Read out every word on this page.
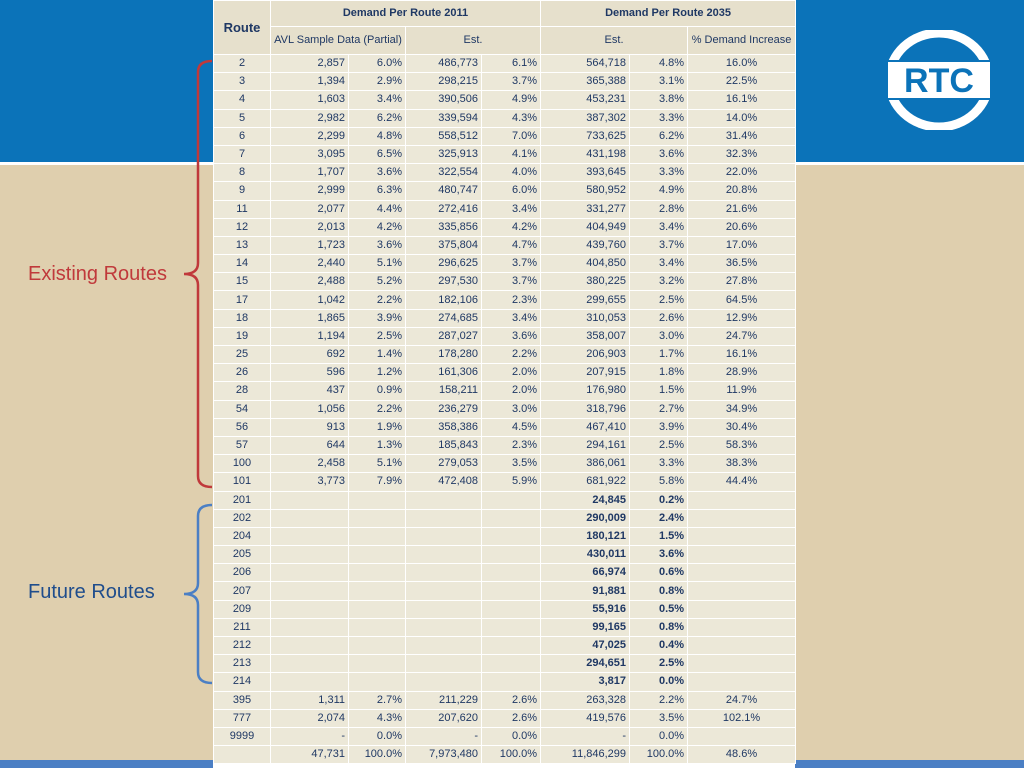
RTC
Existing Routes
Future Routes
Route	Demand Per Route 2011				Demand Per Route 2035		
	AVL Sample Data (Partial)		Est.		Est.		% Demand Increase
2	2,857	6.0%	486,773	6.1%	564,718	4.8%	16.0%
3	1,394	2.9%	298,215	3.7%	365,388	3.1%	22.5%
4	1,603	3.4%	390,506	4.9%	453,231	3.8%	16.1%
5	2,982	6.2%	339,594	4.3%	387,302	3.3%	14.0%
6	2,299	4.8%	558,512	7.0%	733,625	6.2%	31.4%
7	3,095	6.5%	325,913	4.1%	431,198	3.6%	32.3%
8	1,707	3.6%	322,554	4.0%	393,645	3.3%	22.0%
9	2,999	6.3%	480,747	6.0%	580,952	4.9%	20.8%
11	2,077	4.4%	272,416	3.4%	331,277	2.8%	21.6%
12	2,013	4.2%	335,856	4.2%	404,949	3.4%	20.6%
13	1,723	3.6%	375,804	4.7%	439,760	3.7%	17.0%
14	2,440	5.1%	296,625	3.7%	404,850	3.4%	36.5%
15	2,488	5.2%	297,530	3.7%	380,225	3.2%	27.8%
17	1,042	2.2%	182,106	2.3%	299,655	2.5%	64.5%
18	1,865	3.9%	274,685	3.4%	310,053	2.6%	12.9%
19	1,194	2.5%	287,027	3.6%	358,007	3.0%	24.7%
25	692	1.4%	178,280	2.2%	206,903	1.7%	16.1%
26	596	1.2%	161,306	2.0%	207,915	1.8%	28.9%
28	437	0.9%	158,211	2.0%	176,980	1.5%	11.9%
54	1,056	2.2%	236,279	3.0%	318,796	2.7%	34.9%
56	913	1.9%	358,386	4.5%	467,410	3.9%	30.4%
57	644	1.3%	185,843	2.3%	294,161	2.5%	58.3%
100	2,458	5.1%	279,053	3.5%	386,061	3.3%	38.3%
101	3,773	7.9%	472,408	5.9%	681,922	5.8%	44.4%
201					24,845	0.2%	
202					290,009	2.4%	
204					180,121	1.5%	
205					430,011	3.6%	
206					66,974	0.6%	
207					91,881	0.8%	
209					55,916	0.5%	
211					99,165	0.8%	
212					47,025	0.4%	
213					294,651	2.5%	
214					3,817	0.0%	
395	1,311	2.7%	211,229	2.6%	263,328	2.2%	24.7%
777	2,074	4.3%	207,620	2.6%	419,576	3.5%	102.1%
9999	-	0.0%	-	0.0%	-	0.0%	
	47,731	100.0%	7,973,480	100.0%	11,846,299	100.0%	48.6%
